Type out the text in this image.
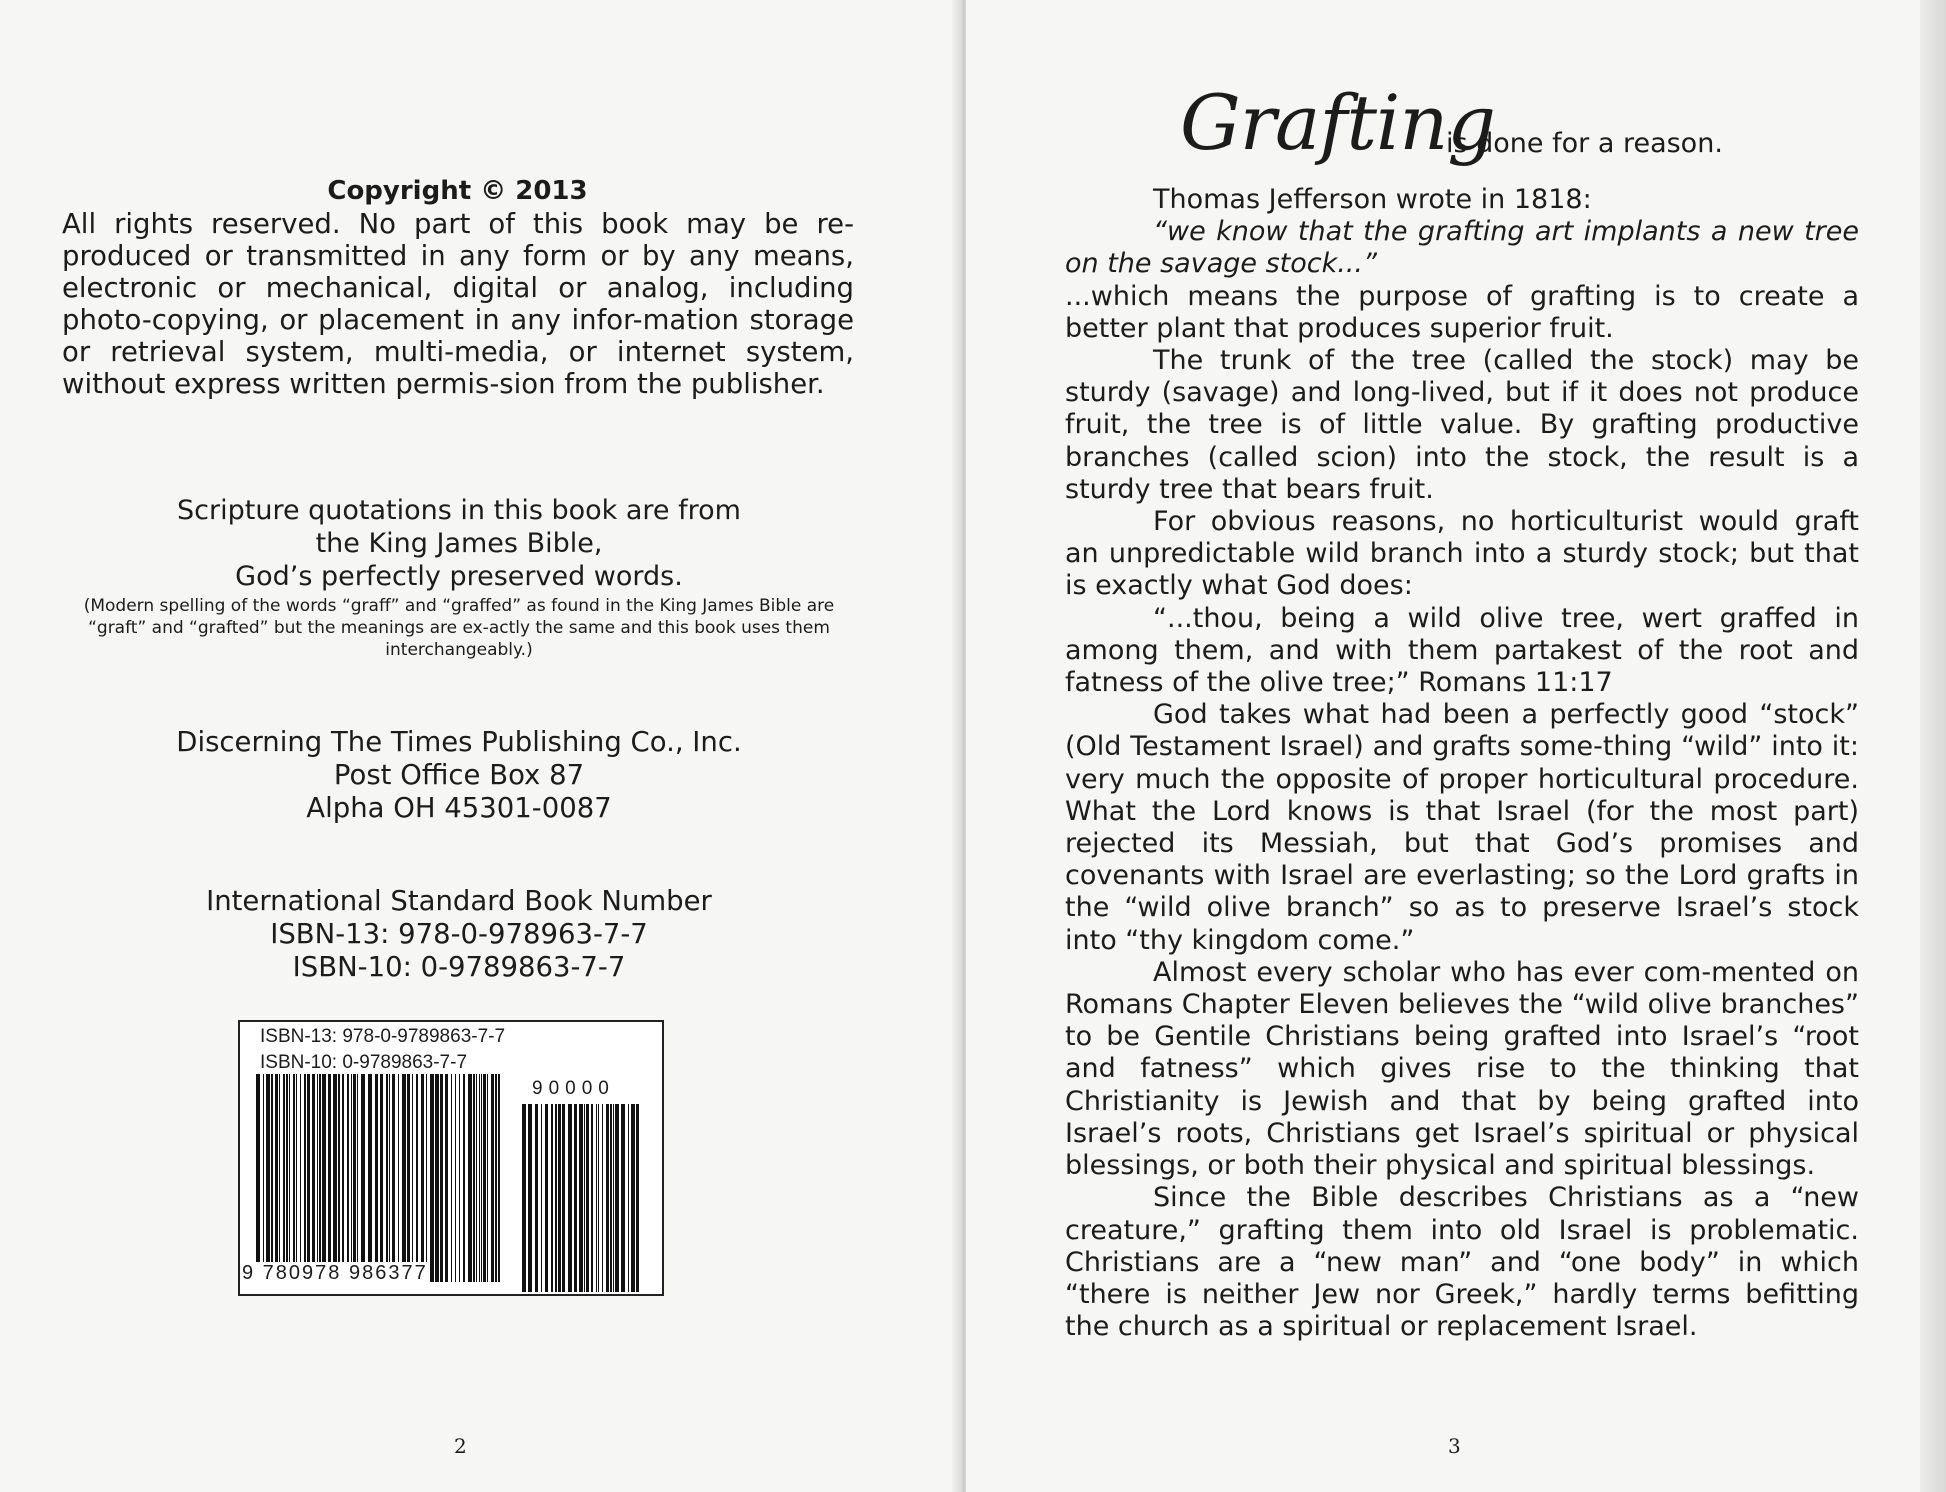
Copyright © 2013
All rights reserved. No part of this book may be re-produced or transmitted in any form or by any means, electronic or mechanical, digital or analog, including photo-copying, or placement in any infor-mation storage or retrieval system, multi-media, or internet system, without express written permis-sion from the publisher.
Scripture quotations in this book are from
the King James Bible,
God’s perfectly preserved words.
(Modern spelling of the words “graff” and “graffed” as found in the King James Bible are “graft” and “grafted” but the meanings are ex-actly the same and this book uses them interchangeably.)
Discerning The Times Publishing Co., Inc.
Post Office Box 87
Alpha OH 45301-0087
International Standard Book Number
ISBN-13: 978-0-978963-7-7
ISBN-10: 0-9789863-7-7
ISBN-13: 978-0-9789863-7-7
ISBN-10: 0-9789863-7-7
90000
9 780978 986377
2
Grafting
is done for a reason.

Thomas Jefferson wrote in 1818:

“we know that the grafting art implants a new tree on the savage stock...”

...which means the purpose of grafting is to create a better plant that produces superior fruit.

The trunk of the tree (called the stock) may be sturdy (savage) and long-lived, but if it does not produce fruit, the tree is of little value. By grafting productive branches (called scion) into the stock, the result is a sturdy tree that bears fruit.

For obvious reasons, no horticulturist would graft an unpredictable wild branch into a sturdy stock; but that is exactly what God does:

“...thou, being a wild olive tree, wert graffed in among them, and with them partakest of the root and fatness of the olive tree;” Romans 11:17

God takes what had been a perfectly good “stock” (Old Testament Israel) and grafts some-thing “wild” into it: very much the opposite of proper horticultural procedure. What the Lord knows is that Israel (for the most part) rejected its Messiah, but that God’s promises and covenants with Israel are everlasting; so the Lord grafts in the “wild olive branch” so as to preserve Israel’s stock into “thy kingdom come.”

Almost every scholar who has ever com-mented on Romans Chapter Eleven believes the “wild olive branches” to be Gentile Christians being grafted into Israel’s “root and fatness” which gives rise to the thinking that Christianity is Jewish and that by being grafted into Israel’s roots, Christians get Israel’s spiritual or physical blessings, or both their physical and spiritual blessings.

Since the Bible describes Christians as a “new creature,” grafting them into old Israel is problematic. Christians are a “new man” and “one body” in which “there is neither Jew nor Greek,” hardly terms befitting the church as a spiritual or replacement Israel.

3
